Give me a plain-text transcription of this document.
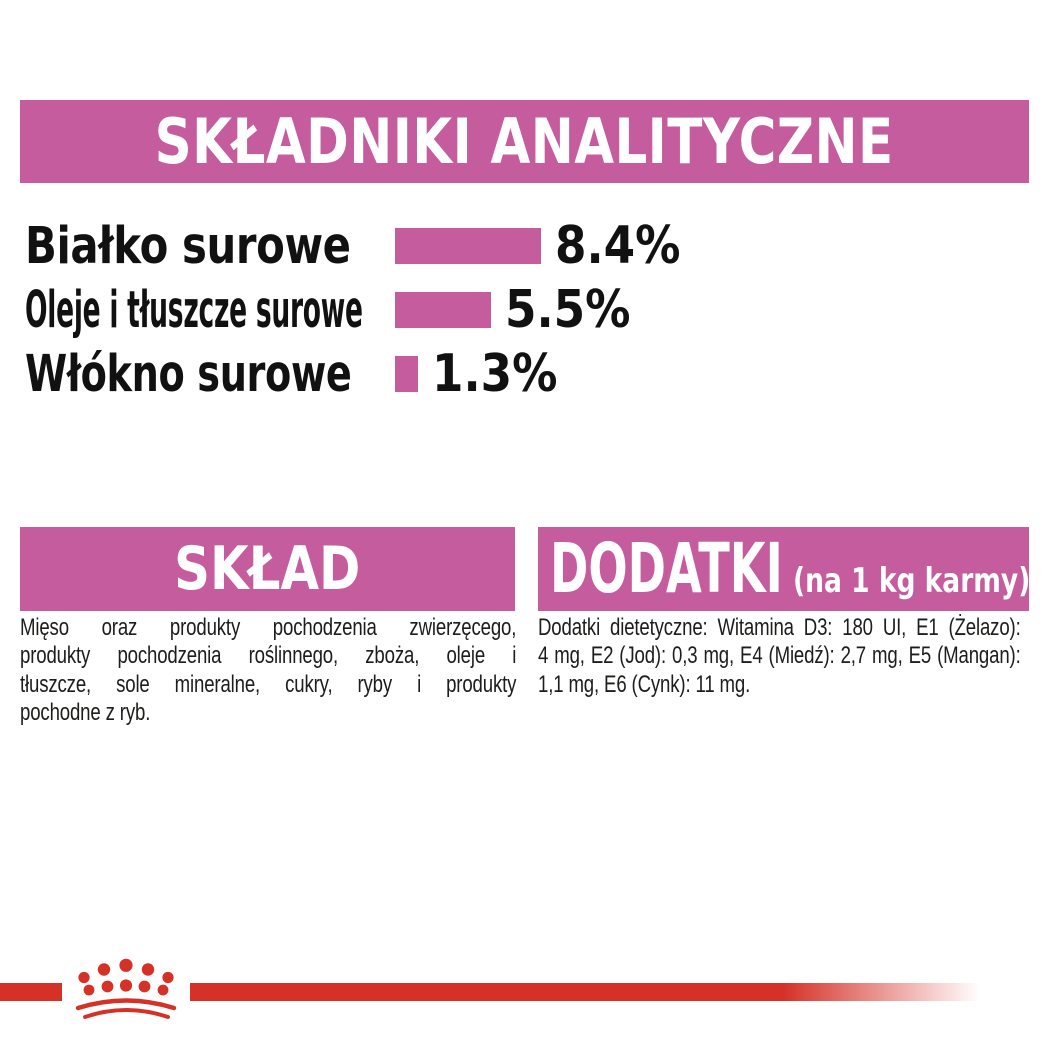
SKŁADNIKI ANALITYCZNE
Białko surowe	8.4%
Oleje i tłuszcze surowe	5.5%
Włókno surowe	1.3%
SKŁAD
Mięso oraz produkty pochodzenia zwierzęcego,
produkty pochodzenia roślinnego, zboża, oleje i
tłuszcze, sole mineralne, cukry, ryby i produkty
pochodne z ryb.
DODATKI (na 1 kg karmy)
Dodatki dietetyczne: Witamina D3: 180 UI, E1 (Żelazo):
4 mg, E2 (Jod): 0,3 mg, E4 (Miedź): 2,7 mg, E5 (Mangan):
1,1 mg, E6 (Cynk): 11 mg.
